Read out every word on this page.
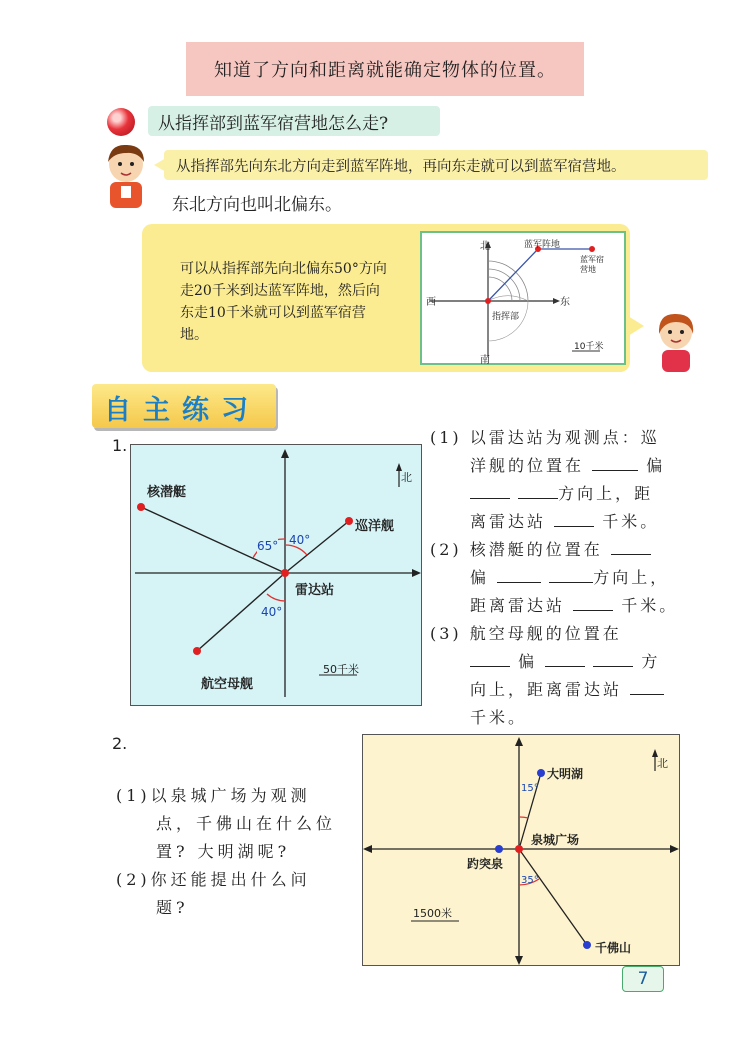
知道了方向和距离就能确定物体的位置。
从指挥部到蓝军宿营地怎么走?
从指挥部先向东北方向走到蓝军阵地，再向东走就可以到蓝军宿营地。
东北方向也叫北偏东。
可以从指挥部先向北偏东50°方向走20千米到达蓝军阵地，然后向东走10千米就可以到蓝军宿营地。
北
南
西	东
指挥部
蓝军阵地
蓝军宿营地
10千米
自主练习
1.
北
核潜艇
巡洋舰
雷达站
航空母舰
65° 40°
40°
50千米
(1) 以雷达站为观测点：巡
洋舰的位置在	偏
方向上，距
离雷达站	千米。
(2) 核潜艇的位置在
偏	方向上，
距离雷达站	千米。
(3) 航空母舰的位置在
偏	方
向上，距离雷达站
千米。
2.
(1)以泉城广场为观测
点，千佛山在什么位
置? 大明湖呢?
(2)你还能提出什么问
题?
北
大明湖
泉城广场
趵突泉
千佛山
15°
35°
1500米
7
